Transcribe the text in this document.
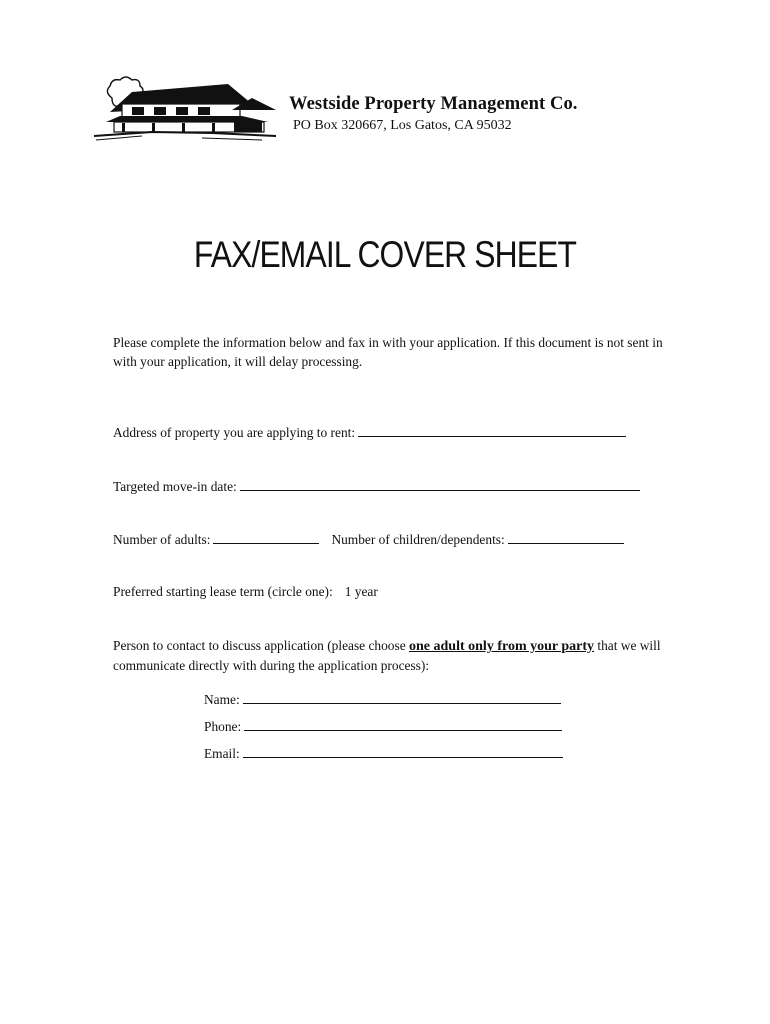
Westside Property Management Co.
PO Box 320667, Los Gatos, CA 95032
FAX/EMAIL COVER SHEET
Please complete the information below and fax in with your application. If this document is not sent in with your application, it will delay processing.
Address of property you are applying to rent:
Targeted move-in date:
Number of adults:	Number of children/dependents:
Preferred starting lease term (circle one): 1 year
Person to contact to discuss application (please choose one adult only from your party that we will communicate directly with during the application process):
Name:
Phone:
Email:
